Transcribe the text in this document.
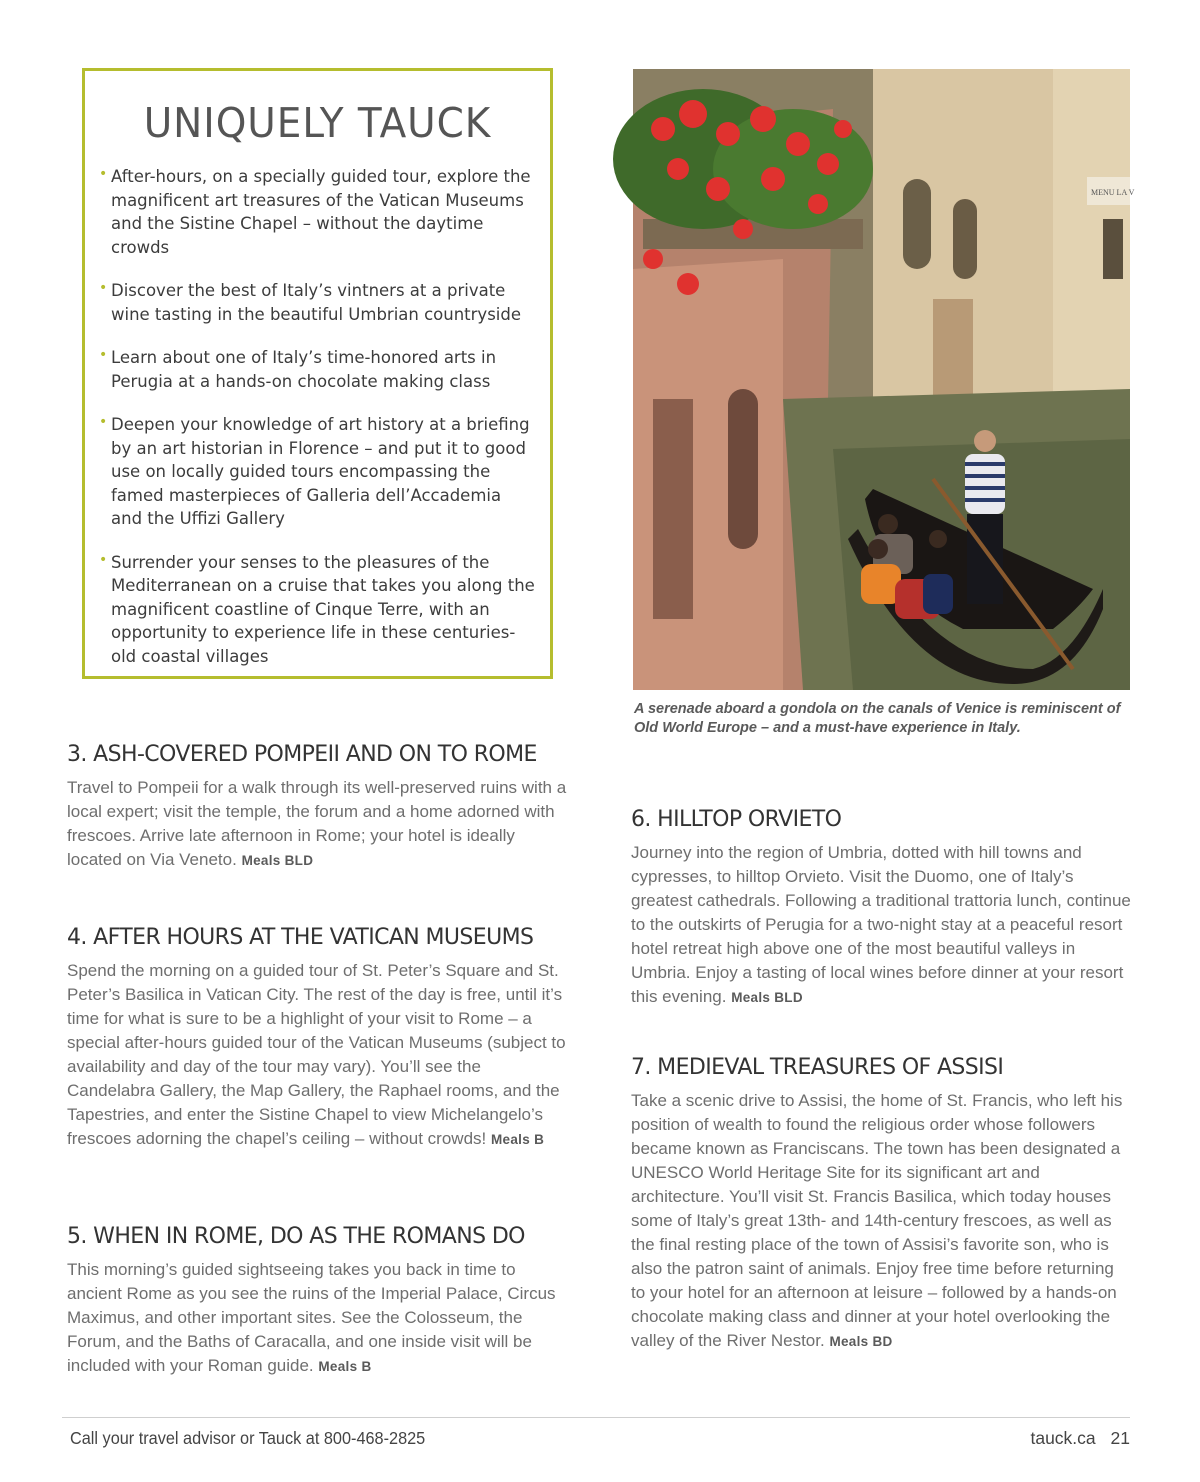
UNIQUELY TAUCK
• After-hours, on a specially guided tour, explore the magnificent art treasures of the Vatican Museums and the Sistine Chapel – without the daytime crowds
• Discover the best of Italy’s vintners at a private wine tasting in the beautiful Umbrian countryside
• Learn about one of Italy’s time-honored arts in Perugia at a hands-on chocolate making class
• Deepen your knowledge of art history at a briefing by an art historian in Florence – and put it to good use on locally guided tours encompassing the famed masterpieces of Galleria dell’Accademia and the Uffizi Gallery
• Surrender your senses to the pleasures of the Mediterranean on a cruise that takes you along the magnificent coastline of Cinque Terre, with an opportunity to experience life in these centuries-old coastal villages
MENU LA V
A serenade aboard a gondola on the canals of Venice is reminiscent of Old World Europe – and a must-have experience in Italy.
3. ASH-COVERED POMPEII AND ON TO ROME

Travel to Pompeii for a walk through its well-preserved ruins with a local expert; visit the temple, the forum and a home adorned with frescoes. Arrive late afternoon in Rome; your hotel is ideally located on Via Veneto. Meals BLD

4. AFTER HOURS AT THE VATICAN MUSEUMS

Spend the morning on a guided tour of St. Peter’s Square and St. Peter’s Basilica in Vatican City. The rest of the day is free, until it’s time for what is sure to be a highlight of your visit to Rome – a special after-hours guided tour of the Vatican Museums (subject to availability and day of the tour may vary). You’ll see the Candelabra Gallery, the Map Gallery, the Raphael rooms, and the Tapestries, and enter the Sistine Chapel to view Michelangelo’s frescoes adorning the chapel’s ceiling – without crowds! Meals B

5. WHEN IN ROME, DO AS THE ROMANS DO

This morning’s guided sightseeing takes you back in time to ancient Rome as you see the ruins of the Imperial Palace, Circus Maximus, and other important sites. See the Colosseum, the Forum, and the Baths of Caracalla, and one inside visit will be included with your Roman guide. Meals B

6. HILLTOP ORVIETO

Journey into the region of Umbria, dotted with hill towns and cypresses, to hilltop Orvieto. Visit the Duomo, one of Italy’s greatest cathedrals. Following a traditional trattoria lunch, continue to the outskirts of Perugia for a two-night stay at a peaceful resort hotel retreat high above one of the most beautiful valleys in Umbria. Enjoy a tasting of local wines before dinner at your resort this evening. Meals BLD

7. MEDIEVAL TREASURES OF ASSISI

Take a scenic drive to Assisi, the home of St. Francis, who left his position of wealth to found the religious order whose followers became known as Franciscans. The town has been designated a UNESCO World Heritage Site for its significant art and architecture. You’ll visit St. Francis Basilica, which today houses some of Italy’s great 13th- and 14th-century frescoes, as well as the final resting place of the town of Assisi’s favorite son, who is also the patron saint of animals. Enjoy free time before returning to your hotel for an afternoon at leisure – followed by a hands-on chocolate making class and dinner at your hotel overlooking the valley of the River Nestor. Meals BD

Call your travel advisor or Tauck at 800-468-2825	tauck.ca 21
